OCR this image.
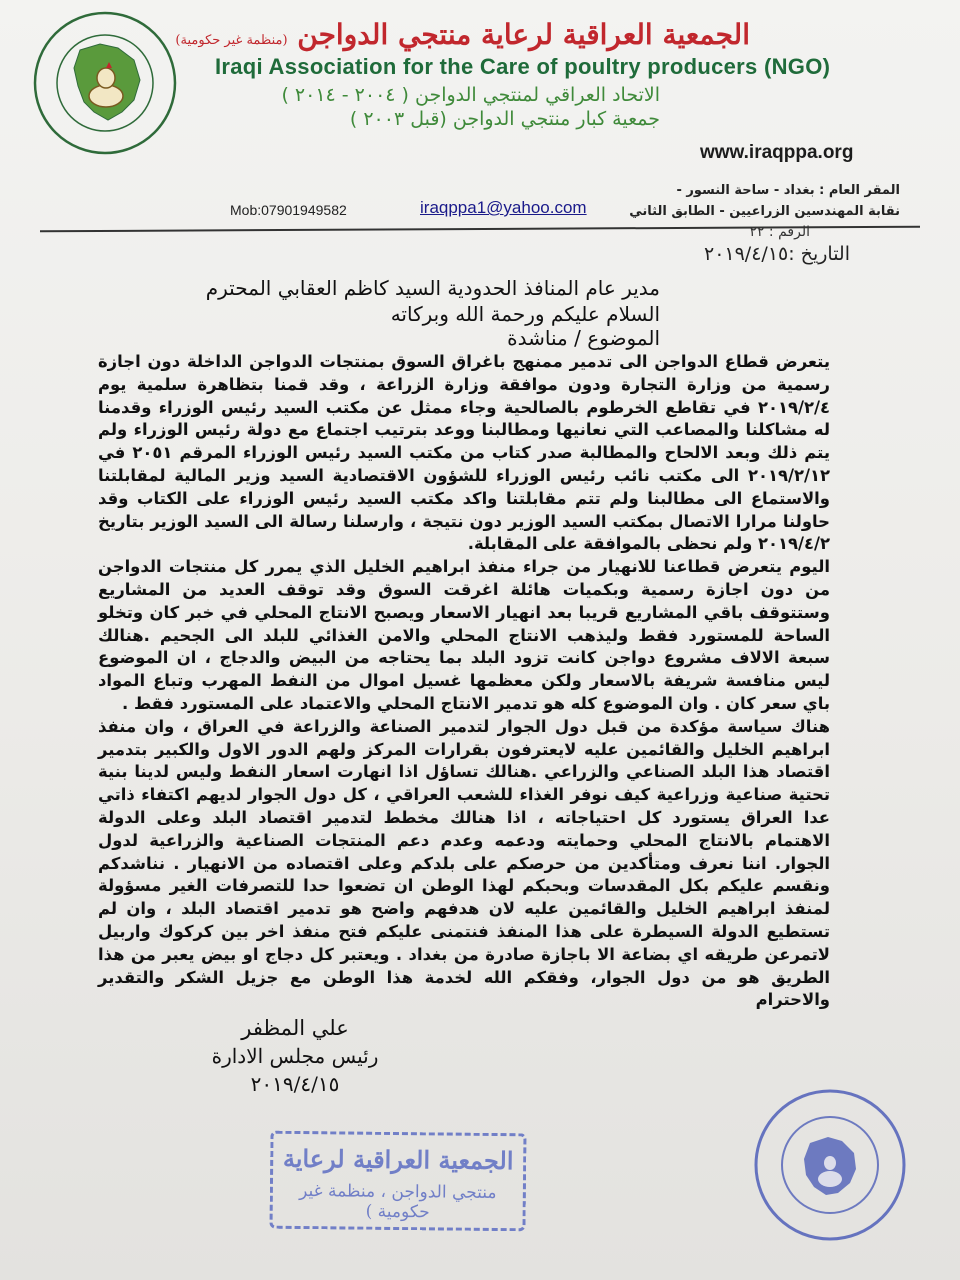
الجمعية العراقية لرعاية منتجي الدواجن (منظمة غير حكومية)
Iraqi Association for the Care of poultry producers (NGO)
الاتحاد العراقي لمنتجي الدواجن ( ٢٠٠٤ - ٢٠١٤ )
جمعية كبار منتجي الدواجن (قبل ٢٠٠٣ )
www.iraqppa.org
المقر العام : بغداد - ساحة النسور -
نقابة المهندسين الزراعيين - الطابق الثاني
Mob:07901949582	iraqppa1@yahoo.com
الرقم : ٢٢
التاريخ :٢٠١٩/٤/١٥
مدير عام المنافذ الحدودية السيد كاظم العقابي المحترم
السلام عليكم ورحمة الله وبركاته
الموضوع / مناشدة

يتعرض قطاع الدواجن الى تدمير ممنهج باغراق السوق بمنتجات الدواجن الداخلة دون اجازة رسمية من وزارة التجارة ودون موافقة وزارة الزراعة ، وقد قمنا بتظاهرة سلمية يوم ٢٠١٩/٢/٤ في تقاطع الخرطوم بالصالحية وجاء ممثل عن مكتب السيد رئيس الوزراء وقدمنا له مشاكلنا والمصاعب التي نعانيها ومطالبنا ووعد بترتيب اجتماع مع دولة رئيس الوزراء ولم يتم ذلك وبعد الالحاح والمطالبة صدر كتاب من مكتب السيد رئيس الوزراء المرقم ٢٠٥١ في ٢٠١٩/٢/١٢ الى مكتب نائب رئيس الوزراء للشؤون الاقتصادية السيد وزير المالية لمقابلتنا والاستماع الى مطالبنا ولم تتم مقابلتنا واكد مكتب السيد رئيس الوزراء على الكتاب وقد حاولنا مرارا الاتصال بمكتب السيد الوزير دون نتيجة ، وارسلنا رسالة الى السيد الوزير بتاريخ ٢٠١٩/٤/٢ ولم نحظى بالموافقة على المقابلة.

اليوم يتعرض قطاعنا للانهيار من جراء منفذ ابراهيم الخليل الذي يمرر كل منتجات الدواجن من دون اجازة رسمية وبكميات هائلة اغرقت السوق وقد توقف العديد من المشاريع وستتوقف باقي المشاريع قريبا بعد انهيار الاسعار ويصبح الانتاج المحلي في خبر كان وتخلو الساحة للمستورد فقط وليذهب الانتاج المحلي والامن الغذائي للبلد الى الجحيم .هنالك سبعة الالاف مشروع دواجن كانت تزود البلد بما يحتاجه من البيض والدجاج ، ان الموضوع ليس منافسة شريفة بالاسعار ولكن معظمها غسيل اموال من النفط المهرب وتباع المواد باي سعر كان . وان الموضوع كله هو تدمير الانتاج المحلي والاعتماد على المستورد فقط .

هناك سياسة مؤكدة من قبل دول الجوار لتدمير الصناعة والزراعة في العراق ، وان منفذ ابراهيم الخليل والقائمين عليه لايعترفون بقرارات المركز ولهم الدور الاول والكبير بتدمير اقتصاد هذا البلد الصناعي والزراعي .هنالك تساؤل اذا انهارت اسعار النفط وليس لدينا بنية تحتية صناعية وزراعية كيف نوفر الغذاء للشعب العراقي ، كل دول الجوار لديهم اكتفاء ذاتي عدا العراق يستورد كل احتياجاته ، اذا هنالك مخطط لتدمير اقتصاد البلد وعلى الدولة الاهتمام بالانتاج المحلي وحمايته ودعمه وعدم دعم المنتجات الصناعية والزراعية لدول الجوار. اننا نعرف ومتأكدين من حرصكم على بلدكم وعلى اقتصاده من الانهيار . نناشدكم ونقسم عليكم بكل المقدسات وبحبكم لهذا الوطن ان تضعوا حدا للتصرفات الغير مسؤولة لمنفذ ابراهيم الخليل والقائمين عليه لان هدفهم واضح هو تدمير اقتصاد البلد ، وان لم تستطيع الدولة السيطرة على هذا المنفذ فنتمنى عليكم فتح منفذ اخر بين كركوك واربيل لاتمرعن طريقه اي بضاعة الا باجازة صادرة من بغداد . ويعتبر كل دجاج او بيض يعبر من هذا الطريق هو من دول الجوار، وفقكم الله لخدمة هذا الوطن مع جزيل الشكر والتقدير والاحترام

علي المظفر
رئيس مجلس الادارة
٢٠١٩/٤/١٥
الجمعية العراقية لرعاية
منتجي الدواجن ، منظمة غير حكومية )
